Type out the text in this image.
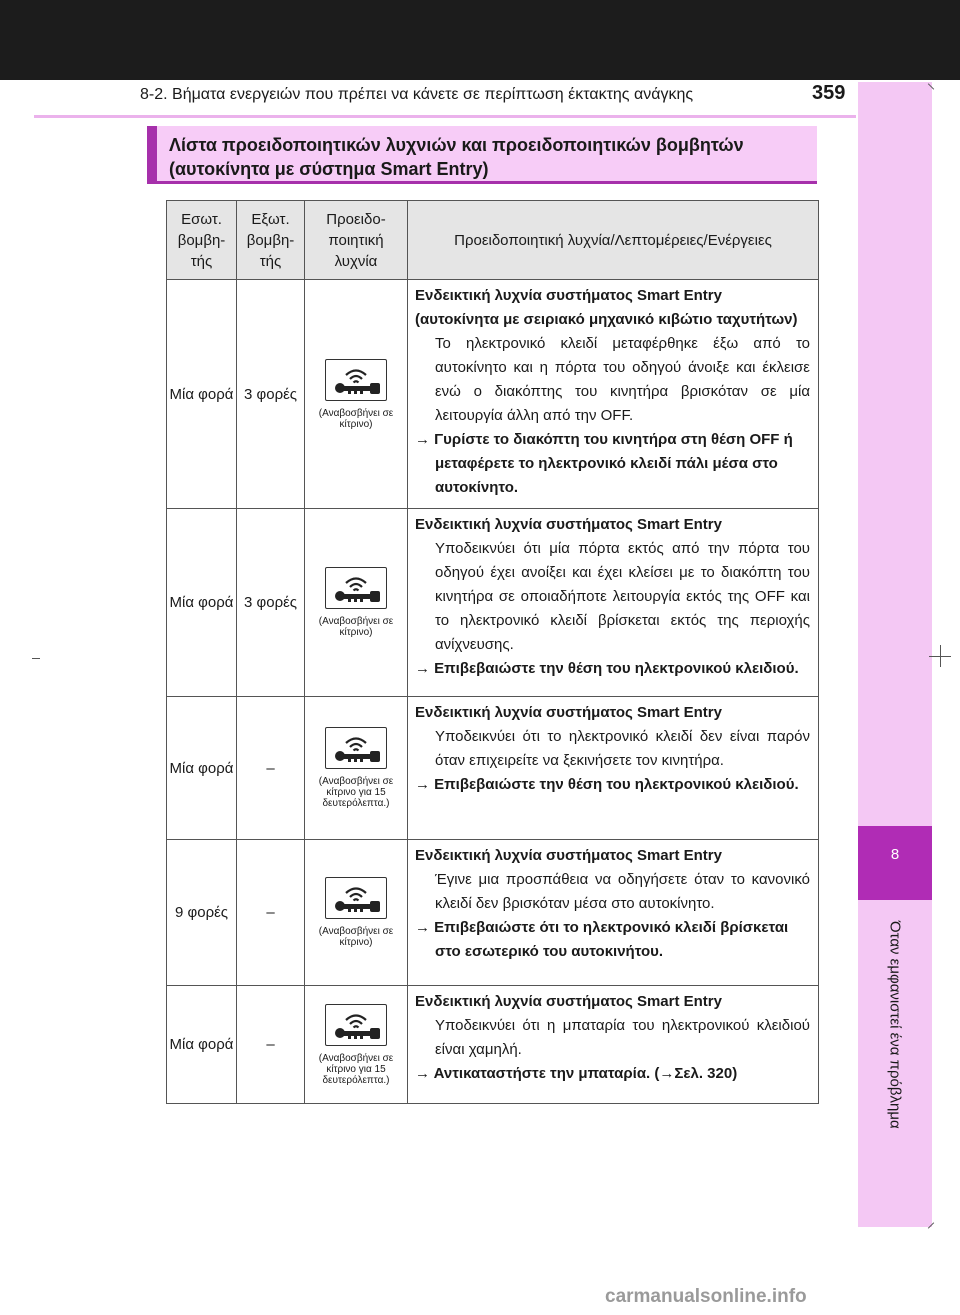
8-2. Βήματα ενεργειών που πρέπει να κάνετε σε περίπτωση έκτακτης ανάγκης	359
8
Όταν εμφανιστεί ένα πρόβλημα
Λίστα προειδοποιητικών λυχνιών και προειδοποιητικών βομβητών
(αυτοκίνητα με σύστημα Smart Entry)
Εσωτ. βομβη-τής	Εξωτ. βομβη-τής	Προειδο-ποιητική λυχνία	Προειδοποιητική λυχνία/Λεπτομέρειες/Ενέργειες
Μία φορά	3 φορές	(Αναβοσβήνει σε κίτρινο)	Ενδεικτική λυχνία συστήματος Smart Entry (αυτοκίνητα με σειριακό μηχανικό κιβώτιο ταχυτήτων)
Το ηλεκτρονικό κλειδί μεταφέρθηκε έξω από το αυτοκίνητο και η πόρτα του οδηγού άνοιξε και έκλεισε ενώ ο διακόπτης του κινητήρα βρισκόταν σε μία λειτουργία άλλη από την OFF.
→ Γυρίστε το διακόπτη του κινητήρα στη θέση OFF ή μεταφέρετε το ηλεκτρονικό κλειδί πάλι μέσα στο αυτοκίνητο.

Μία φορά	3 φορές	(Αναβοσβήνει σε κίτρινο)	Ενδεικτική λυχνία συστήματος Smart Entry
Υποδεικνύει ότι μία πόρτα εκτός από την πόρτα του οδηγού έχει ανοίξει και έχει κλείσει με το διακόπτη του κινητήρα σε οποιαδήποτε λειτουργία εκτός της OFF και το ηλεκτρονικό κλειδί βρίσκεται εκτός της περιοχής ανίχνευσης.
→ Επιβεβαιώστε την θέση του ηλεκτρονικού κλειδιού.

Μία φορά	–	(Αναβοσβήνει σε κίτρινο για 15 δευτερόλεπτα.)	Ενδεικτική λυχνία συστήματος Smart Entry
Υποδεικνύει ότι το ηλεκτρονικό κλειδί δεν είναι παρόν όταν επιχειρείτε να ξεκινήσετε τον κινητήρα.
→ Επιβεβαιώστε την θέση του ηλεκτρονικού κλειδιού.

9 φορές	–	(Αναβοσβήνει σε κίτρινο)	Ενδεικτική λυχνία συστήματος Smart Entry
Έγινε μια προσπάθεια να οδηγήσετε όταν το κανονικό κλειδί δεν βρισκόταν μέσα στο αυτοκίνητο.
→ Επιβεβαιώστε ότι το ηλεκτρονικό κλειδί βρίσκεται στο εσωτερικό του αυτοκινήτου.

Μία φορά	–	(Αναβοσβήνει σε κίτρινο για 15 δευτερόλεπτα.)	Ενδεικτική λυχνία συστήματος Smart Entry
Υποδεικνύει ότι η μπαταρία του ηλεκτρονικού κλειδιού είναι χαμηλή.
→ Αντικαταστήστε την μπαταρία. (→Σελ. 320)
carmanualsonline.info
